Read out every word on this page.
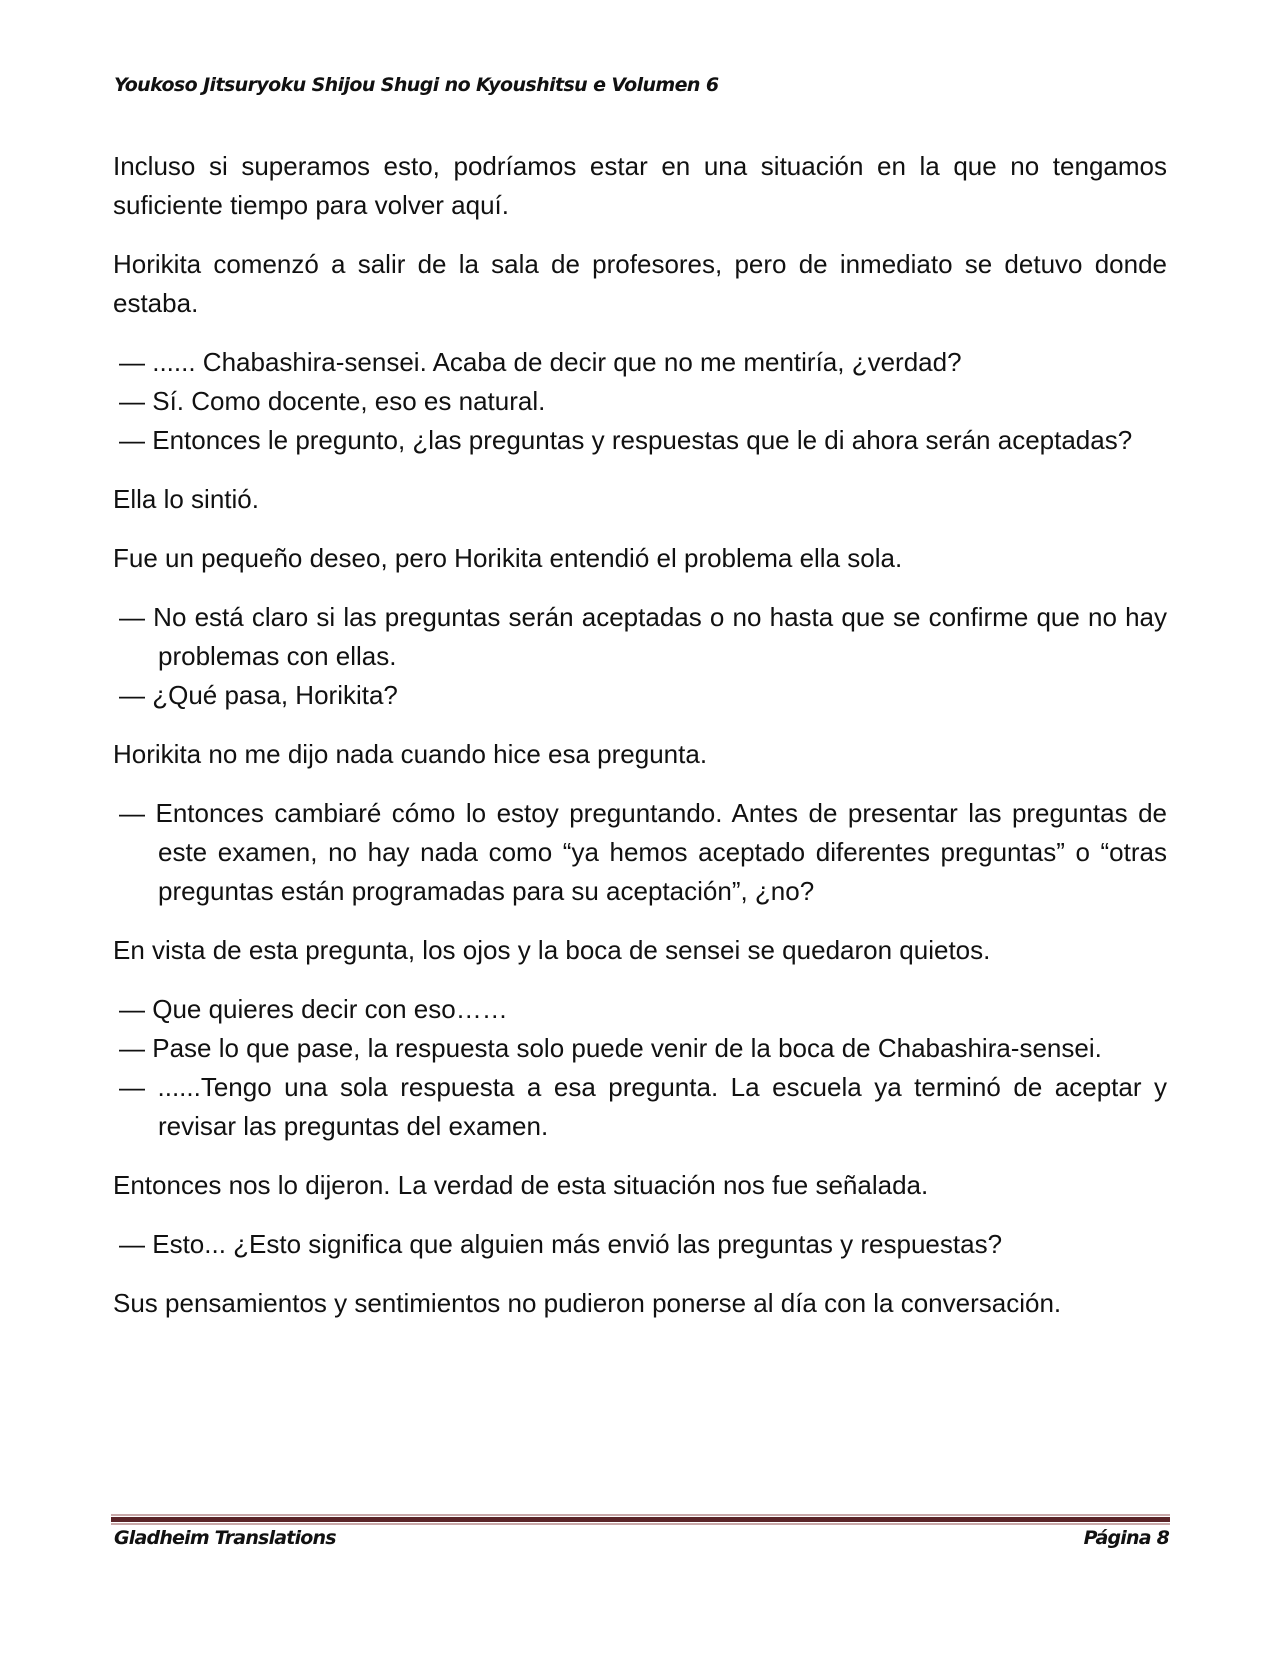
Youkoso Jitsuryoku Shijou Shugi no Kyoushitsu e Volumen 6

Incluso si superamos esto, podríamos estar en una situación en la que no tengamos suficiente tiempo para volver aquí.

Horikita comenzó a salir de la sala de profesores, pero de inmediato se detuvo donde estaba.

— ...... Chabashira-sensei. Acaba de decir que no me mentiría, ¿verdad?

— Sí. Como docente, eso es natural.

— Entonces le pregunto, ¿las preguntas y respuestas que le di ahora serán aceptadas?

Ella lo sintió.

Fue un pequeño deseo, pero Horikita entendió el problema ella sola.

— No está claro si las preguntas serán aceptadas o no hasta que se confirme que no hay problemas con ellas.

— ¿Qué pasa, Horikita?

Horikita no me dijo nada cuando hice esa pregunta.

— Entonces cambiaré cómo lo estoy preguntando. Antes de presentar las preguntas de este examen, no hay nada como “ya hemos aceptado diferentes preguntas” o “otras preguntas están programadas para su aceptación”, ¿no?

En vista de esta pregunta, los ojos y la boca de sensei se quedaron quietos.

— Que quieres decir con eso……

— Pase lo que pase, la respuesta solo puede venir de la boca de Chabashira-sensei.

— ......Tengo una sola respuesta a esa pregunta. La escuela ya terminó de aceptar y revisar las preguntas del examen.

Entonces nos lo dijeron. La verdad de esta situación nos fue señalada.

— Esto... ¿Esto significa que alguien más envió las preguntas y respuestas?

Sus pensamientos y sentimientos no pudieron ponerse al día con la conversación.

Gladheim Translations	Página 8
